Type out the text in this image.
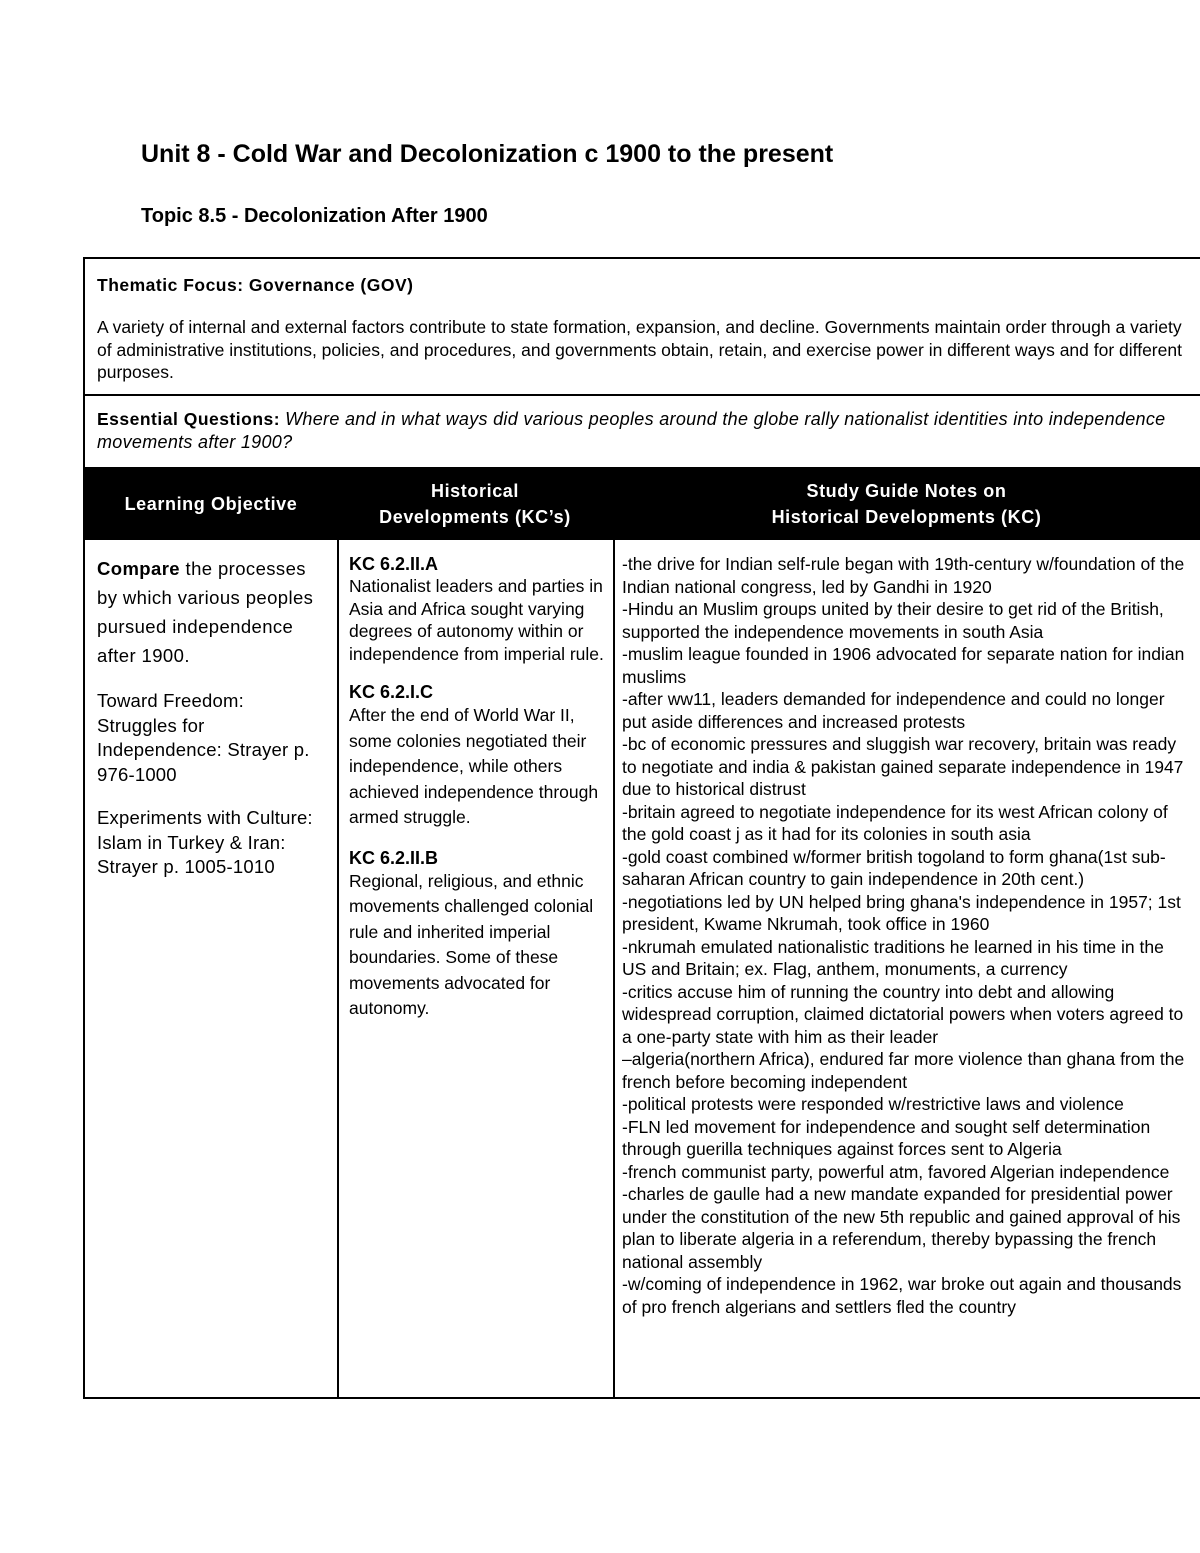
Unit 8 - Cold War and Decolonization c 1900 to the present
Topic 8.5 - Decolonization After 1900
Thematic Focus: Governance (GOV)
A variety of internal and external factors contribute to state formation, expansion, and decline. Governments maintain order through a variety of administrative institutions, policies, and procedures, and governments obtain, retain, and exercise power in different ways and for different purposes.
Essential Questions: Where and in what ways did various peoples around the globe rally nationalist identities into independence movements after 1900?
Learning Objective
Historical
Developments (KC’s)
Study Guide Notes on
Historical Developments (KC)
Compare the processes by which various peoples pursued independence after 1900.
Toward Freedom: Struggles for Independence: Strayer p. 976-1000
Experiments with Culture: Islam in Turkey & Iran: Strayer p. 1005-1010
KC 6.2.II.A
Nationalist leaders and parties in Asia and Africa sought varying degrees of autonomy within or independence from imperial rule.
KC 6.2.I.C
After the end of World War II, some colonies negotiated their independence, while others achieved independence through armed struggle.
KC 6.2.II.B
Regional, religious, and ethnic movements challenged colonial rule and inherited imperial boundaries. Some of these movements advocated for autonomy.
-the drive for Indian self-rule began with 19th-century w/foundation of the Indian national congress, led by Gandhi in 1920
-Hindu an Muslim groups united by their desire to get rid of the British, supported the independence movements in south Asia
-muslim league founded in 1906 advocated for separate nation for indian muslims
-after ww11, leaders demanded for independence and could no longer put aside differences and increased protests
-bc of economic pressures and sluggish war recovery, britain was ready to negotiate and india & pakistan gained separate independence in 1947 due to historical distrust
-britain agreed to negotiate independence for its west African colony of the gold coast j as it had for its colonies in south asia
-gold coast combined w/former british togoland to form ghana(1st sub-saharan African country to gain independence in 20th cent.)
-negotiations led by UN helped bring ghana's independence in 1957; 1st president, Kwame Nkrumah, took office in 1960
-nkrumah emulated nationalistic traditions he learned in his time in the US and Britain; ex. Flag, anthem, monuments, a currency
-critics accuse him of running the country into debt and allowing widespread corruption, claimed dictatorial powers when voters agreed to a one-party state with him as their leader
–algeria(northern Africa), endured far more violence than ghana from the french before becoming independent
-political protests were responded w/restrictive laws and violence
-FLN led movement for independence and sought self determination through guerilla techniques against forces sent to Algeria
-french communist party, powerful atm, favored Algerian independence
-charles de gaulle had a new mandate expanded for presidential power under the constitution of the new 5th republic and gained approval of his plan to liberate algeria in a referendum, thereby bypassing the french national assembly
-w/coming of independence in 1962, war broke out again and thousands of pro french algerians and settlers fled the country
